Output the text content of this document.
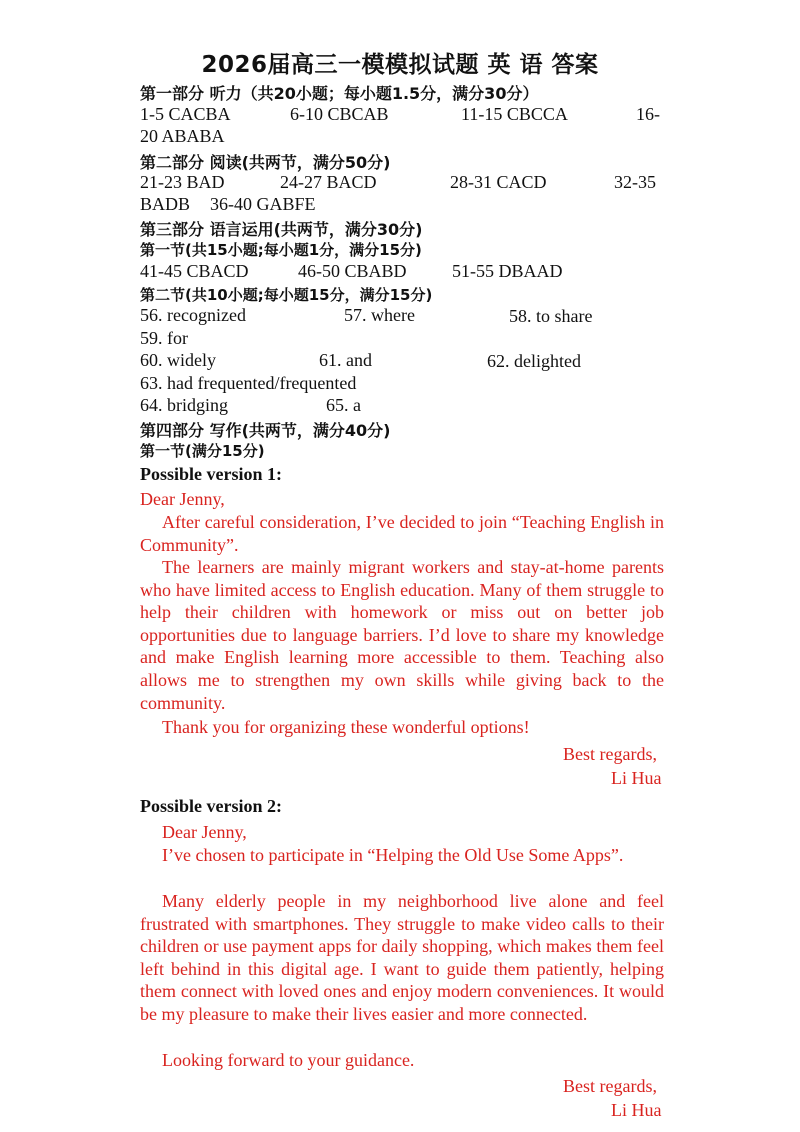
2026届高三一模模拟试题 英 语 答案
第一部分 听力（共20小题；每小题1.5分，满分30分）
1-5 CACBA	6-10 CBCAB	11-15 CBCCA	16-
20 ABABA
第二部分 阅读(共两节，满分50分)
21-23 BAD	24-27 BACD	28-31 CACD	32-35
BADB 36-40 GABFE
第三部分 语言运用(共两节，满分30分)
第一节(共15小题;每小题1分，满分15分)
41-45 CBACD	46-50 CBABD	51-55 DBAAD
第二节(共10小题;每小题15分，满分15分)
56. recognized	57. where	58. to share
59. for
60. widely	61. and	62. delighted
63. had frequented/frequented
64. bridging	65. a
第四部分 写作(共两节，满分40分)
第一节(满分15分)
Possible version 1:
Dear Jenny,
After careful consideration, I’ve decided to join “Teaching English in Community”.
The learners are mainly migrant workers and stay-at-home parents who have limited access to English education. Many of them struggle to help their children with homework or miss out on better job opportunities due to language barriers. I’d love to share my knowledge and make English learning more accessible to them. Teaching also allows me to strengthen my own skills while giving back to the community.
Thank you for organizing these wonderful options!
Best regards,
Li Hua
Possible version 2:
Dear Jenny,
I’ve chosen to participate in “Helping the Old Use Some Apps”.
Many elderly people in my neighborhood live alone and feel frustrated with smartphones. They struggle to make video calls to their children or use payment apps for daily shopping, which makes them feel left behind in this digital age. I want to guide them patiently, helping them connect with loved ones and enjoy modern conveniences. It would be my pleasure to make their lives easier and more connected.
Looking forward to your guidance.
Best regards,
Li Hua
